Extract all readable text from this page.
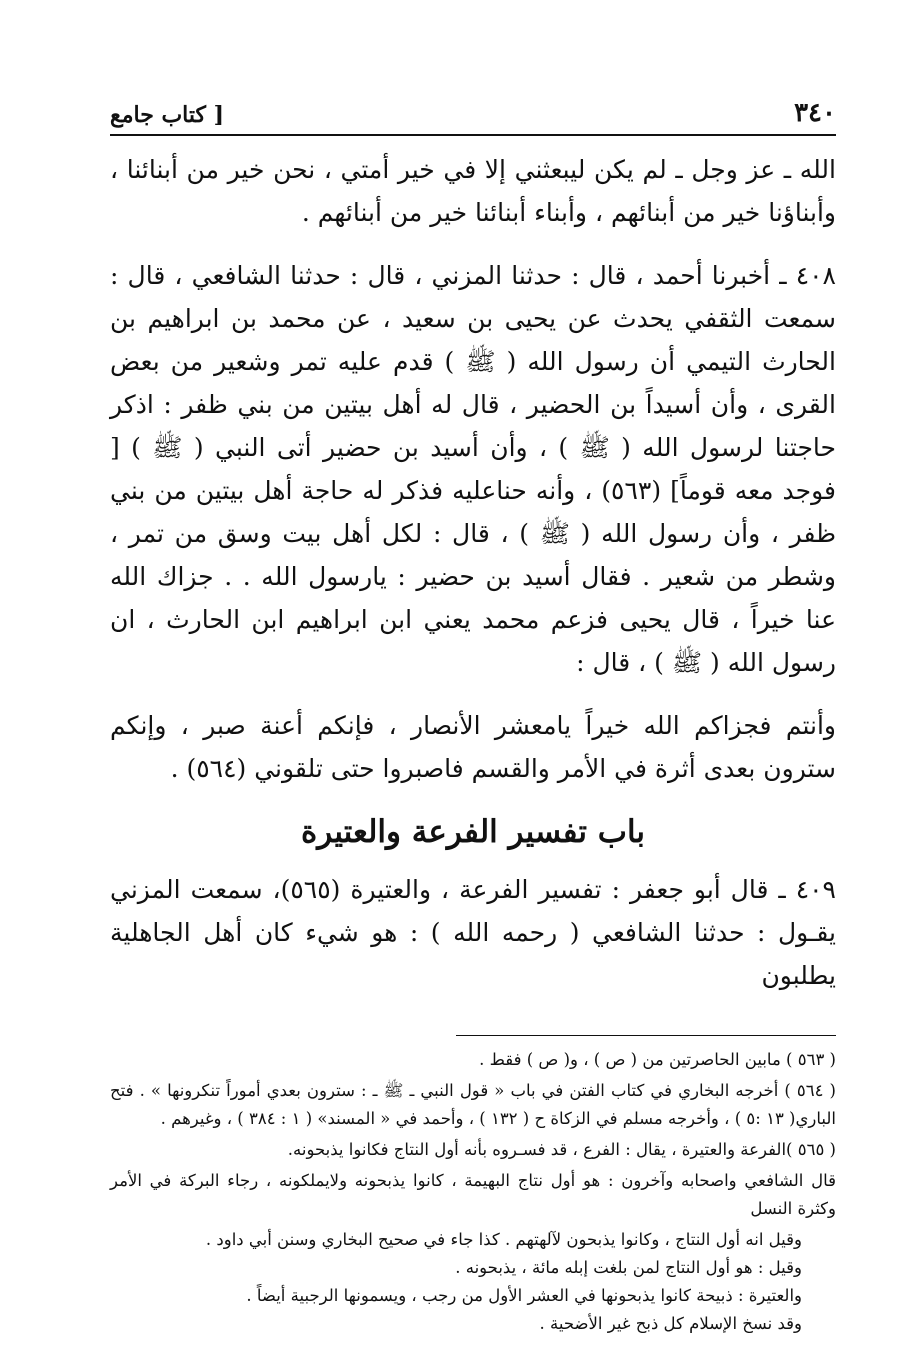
٣٤٠
[ كتاب جامع

الله ـ عز وجل ـ لم يكن ليبعثني إلا في خير أمتي ، نحن خير من أبنائنا ، وأبناؤنا خير من أبنائهم ، وأبناء أبنائنا خير من أبنائهم .

٤٠٨ ـ أخبرنا أحمد ، قال : حدثنا المزني ، قال : حدثنا الشافعي ، قال : سمعت الثقفي يحدث عن يحيى بن سعيد ، عن محمد بن ابراهيم بن الحارث التيمي أن رسول الله ( ﷺ ) قدم عليه تمر وشعير من بعض القرى ، وأن أسيداً بن الحضير ، قال له أهل بيتين من بني ظفر : اذكر حاجتنا لرسول الله ( ﷺ ) ، وأن أسيد بن حضير أتى النبي ( ﷺ ) [ فوجد معه قوماً] (٥٦٣) ، وأنه حناعليه فذكر له حاجة أهل بيتين من بني ظفر ، وأن رسول الله ( ﷺ ) ، قال : لكل أهل بيت وسق من تمر ، وشطر من شعير . فقال أسيد بن حضير : يارسول الله . . جزاك الله عنا خيراً ، قال يحيى فزعم محمد يعني ابن ابراهيم ابن الحارث ، ان رسول الله ( ﷺ ) ، قال :

وأنتم فجزاكم الله خيراً يامعشر الأنصار ، فإنكم أعنة صبر ، وإنكم سترون بعدى أثرة في الأمر والقسم فاصبروا حتى تلقوني (٥٦٤) .

باب تفسير الفرعة والعتيرة

٤٠٩ ـ قال أبو جعفر : تفسير الفرعة ، والعتيرة (٥٦٥)، سمعت المزني يقـول : حدثنا الشافعي ( رحمه الله ) : هو شيء كان أهل الجاهلية يطلبون

( ٥٦٣ ) مابين الحاصرتين من ( ص ) ، و( ص ) فقط .

( ٥٦٤ ) أخرجه البخاري في كتاب الفتن في باب « قول النبي ـ ﷺ ـ : سترون بعدي أموراً تنكرونها » . فتح الباري( ١٣ :٥ ) ، وأخرجه مسلم في الزكاة ح ( ١٣٢ ) ، وأحمد في « المسند» ( ١ : ٣٨٤ ) ، وغيرهم .

( ٥٦٥ )الفرعة والعتيرة ، يقال : الفرع ، قد فسـروه بأنه أول النتاج فكانوا يذبحونه.

قال الشافعي واصحابه وآخرون : هو أول نتاج البهيمة ، كانوا يذبحونه ولايملكونه ، رجاء البركة في الأمر وكثرة النسل

وقيل انه أول النتاج ، وكانوا يذبحون لآلهتهم . كذا جاء في صحيح البخاري وسنن أبي داود .

وقيل : هو أول النتاج لمن بلغت إبله مائة ، يذبحونه .

والعتيرة : ذبيحة كانوا يذبحونها في العشر الأول من رجب ، ويسمونها الرجبية أيضاً .

وقد نسخ الإسلام كل ذبح غير الأضحية .
